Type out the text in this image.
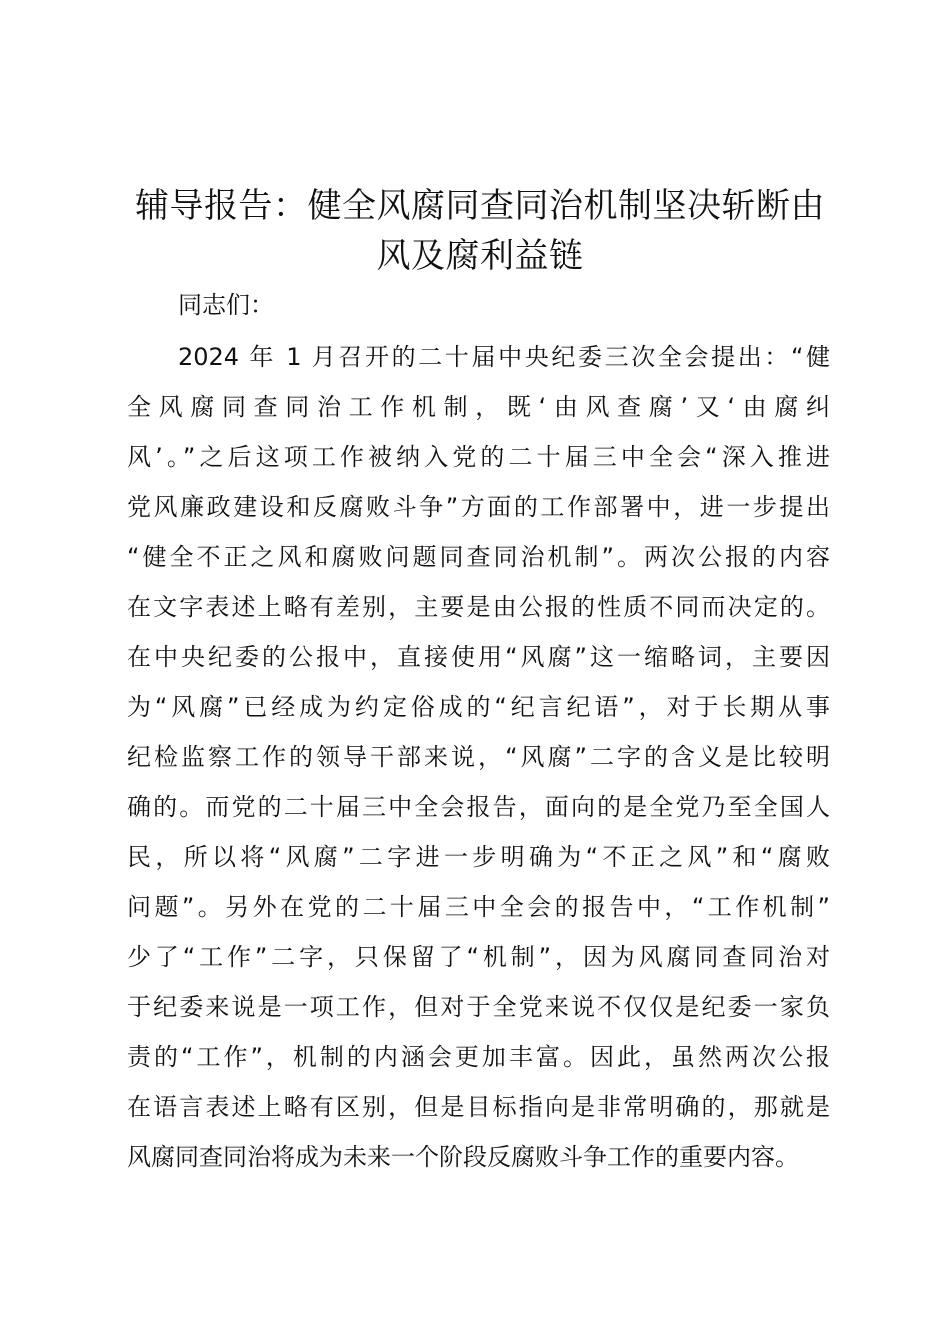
辅导报告：健全风腐同查同治机制坚决斩断由
风及腐利益链
同志们：
2024 年 1 月召开的二十届中央纪委三次全会提出：“健
全风腐同查同治工作机制，既‘由风查腐’又‘由腐纠
风’。”之后这项工作被纳入党的二十届三中全会“深入推进
党风廉政建设和反腐败斗争”方面的工作部署中，进一步提出
“健全不正之风和腐败问题同查同治机制”。两次公报的内容
在文字表述上略有差别，主要是由公报的性质不同而决定的。
在中央纪委的公报中，直接使用“风腐”这一缩略词，主要因
为“风腐”已经成为约定俗成的“纪言纪语”，对于长期从事
纪检监察工作的领导干部来说，“风腐”二字的含义是比较明
确的。而党的二十届三中全会报告，面向的是全党乃至全国人
民，所以将“风腐”二字进一步明确为“不正之风”和“腐败
问题”。另外在党的二十届三中全会的报告中，“工作机制”
少了“工作”二字，只保留了“机制”，因为风腐同查同治对
于纪委来说是一项工作，但对于全党来说不仅仅是纪委一家负
责的“工作”，机制的内涵会更加丰富。因此，虽然两次公报
在语言表述上略有区别，但是目标指向是非常明确的，那就是
风腐同查同治将成为未来一个阶段反腐败斗争工作的重要内容。
